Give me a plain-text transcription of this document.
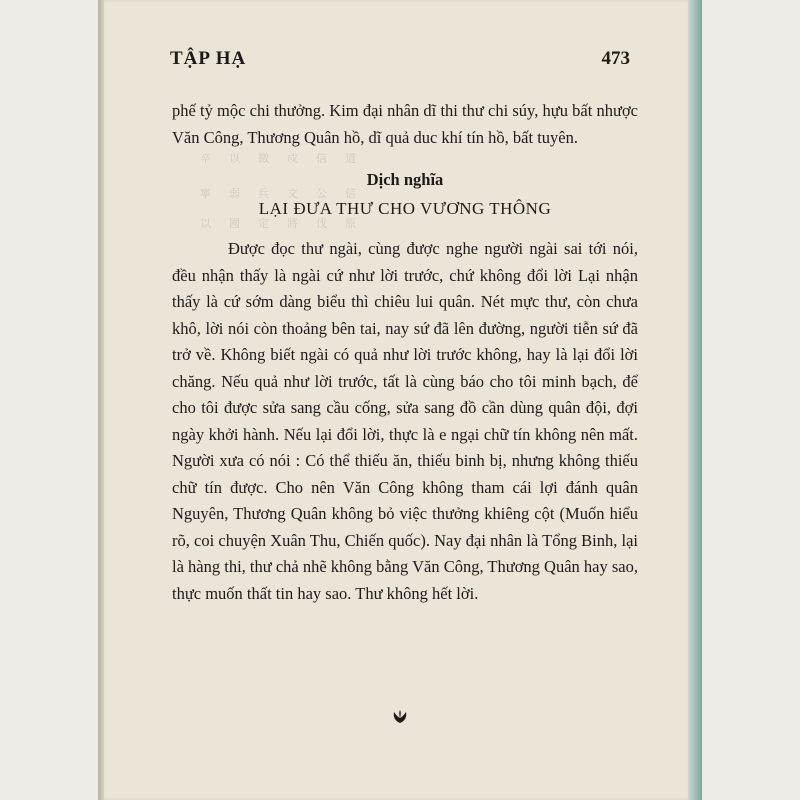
卒 　 以 　 徵 　 戍 　 信 　 道
寧 　 弱 　 兵 　 文 　 公 　 信
以 　 國 　 定 　 將 　 伐 　 原
TẬP HẠ	473

phế tỷ mộc chi thưởng. Kim đại nhân dĩ thi thư chi súy, hựu bất nhược Văn Công, Thương Quân hồ, dĩ quả duc khí tín hồ, bất tuyên.

Dịch nghĩa

LẠI ĐƯA THƯ CHO VƯƠNG THÔNG

Được đọc thư ngài, cùng được nghe người ngài sai tới nói, đều nhận thấy là ngài cứ như lời trước, chứ không đổi lời Lại nhận thấy là cứ sớm dàng biểu thì chiêu lui quân. Nét mực thư, còn chưa khô, lời nói còn thoảng bên tai, nay sứ đã lên đường, người tiễn sứ đã trở về. Không biết ngài có quả như lời trước không, hay là lại đổi lời chăng. Nếu quả như lời trước, tất là cùng báo cho tôi minh bạch, để cho tôi được sửa sang cầu cống, sửa sang đồ cần dùng quân đội, đợi ngày khởi hành. Nếu lại đổi lời, thực là e ngại chữ tín không nên mất. Người xưa có nói : Có thể thiếu ăn, thiếu binh bị, nhưng không thiếu chữ tín được. Cho nên Văn Công không tham cái lợi đánh quân Nguyên, Thương Quân không bỏ việc thưởng khiêng cột (Muốn hiểu rõ, coi chuyện Xuân Thu, Chiến quốc). Nay đại nhân là Tổng Binh, lại là hàng thi, thư chả nhẽ không bằng Văn Công, Thương Quân hay sao, thực muốn thất tin hay sao. Thư không hết lời.
